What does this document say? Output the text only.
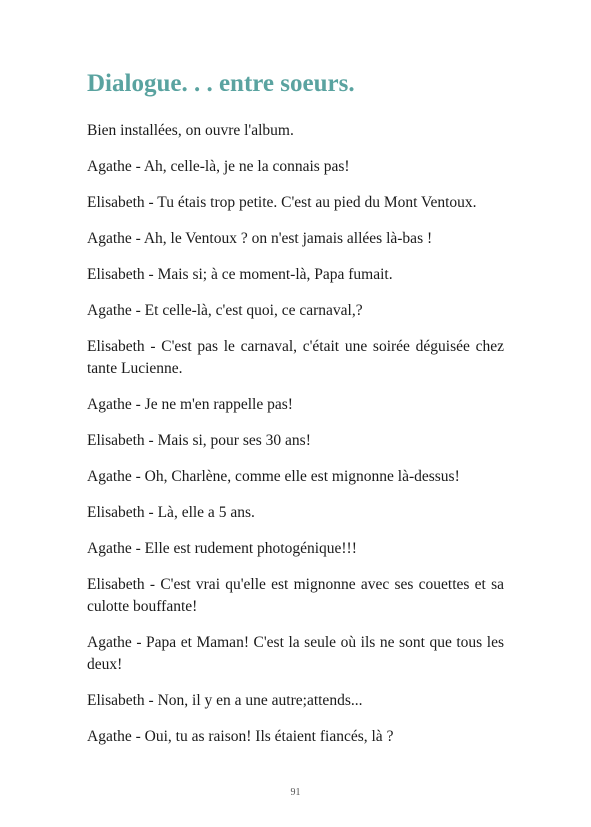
Dialogue. . . entre soeurs.

Bien installées, on ouvre l'album.

Agathe - Ah, celle-là, je ne la connais pas!

Elisabeth - Tu étais trop petite. C'est au pied du Mont Ventoux.

Agathe - Ah, le Ventoux ? on n'est jamais allées là-bas !

Elisabeth - Mais si; à ce moment-là, Papa fumait.

Agathe - Et celle-là, c'est quoi, ce carnaval,?

Elisabeth - C'est pas le carnaval, c'était une soirée déguisée chez tante Lucienne.

Agathe - Je ne m'en rappelle pas!

Elisabeth - Mais si, pour ses 30 ans!

Agathe - Oh, Charlène, comme elle est mignonne là-dessus!

Elisabeth - Là, elle a 5 ans.

Agathe - Elle est rudement photogénique!!!

Elisabeth - C'est vrai qu'elle est mignonne avec ses couettes et sa culotte bouffante!

Agathe - Papa et Maman! C'est la seule où ils ne sont que tous les deux!

Elisabeth - Non, il y en a une autre;attends...

Agathe - Oui, tu as raison! Ils étaient fiancés, là ?

91
